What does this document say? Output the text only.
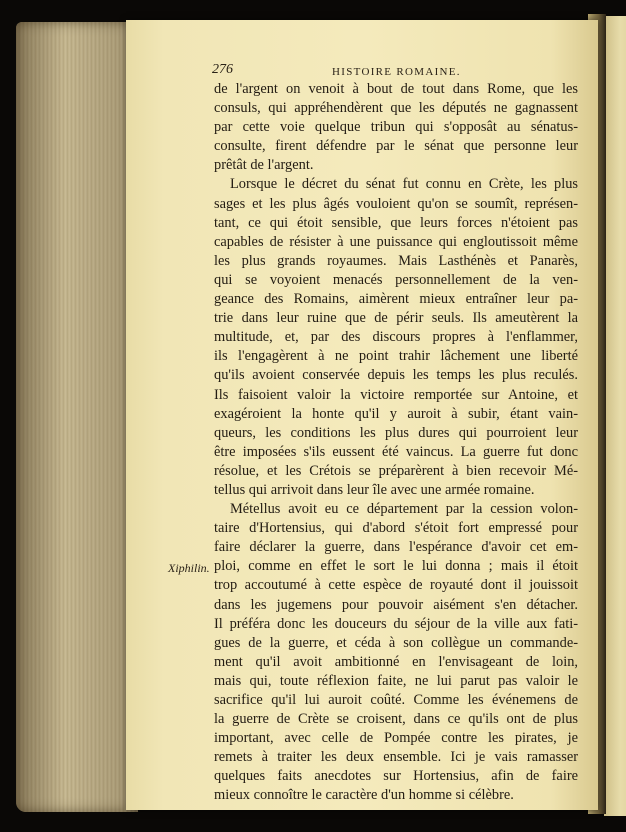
276	HISTOIRE ROMAINE.
Xiphilin.
de l'argent on venoit à bout de tout dans Rome, que les
consuls, qui appréhendèrent que les députés ne gagnassent
par cette voie quelque tribun qui s'opposât au sénatus-
consulte, firent défendre par le sénat que personne leur
prêtât de l'argent.
Lorsque le décret du sénat fut connu en Crète, les plus
sages et les plus âgés vouloient qu'on se soumît, représen-
tant, ce qui étoit sensible, que leurs forces n'étoient pas
capables de résister à une puissance qui engloutissoit même
les plus grands royaumes. Mais Lasthénès et Panarès,
qui se voyoient menacés personnellement de la ven-
geance des Romains, aimèrent mieux entraîner leur pa-
trie dans leur ruine que de périr seuls. Ils ameutèrent la
multitude, et, par des discours propres à l'enflammer,
ils l'engagèrent à ne point trahir lâchement une liberté
qu'ils avoient conservée depuis les temps les plus reculés.
Ils faisoient valoir la victoire remportée sur Antoine, et
exagéroient la honte qu'il y auroit à subir, étant vain-
queurs, les conditions les plus dures qui pourroient leur
être imposées s'ils eussent été vaincus. La guerre fut donc
résolue, et les Crétois se préparèrent à bien recevoir Mé-
tellus qui arrivoit dans leur île avec une armée romaine.
Métellus avoit eu ce département par la cession volon-
taire d'Hortensius, qui d'abord s'étoit fort empressé pour
faire déclarer la guerre, dans l'espérance d'avoir cet em-
ploi, comme en effet le sort le lui donna ; mais il étoit
trop accoutumé à cette espèce de royauté dont il jouissoit
dans les jugemens pour pouvoir aisément s'en détacher.
Il préféra donc les douceurs du séjour de la ville aux fati-
gues de la guerre, et céda à son collègue un commande-
ment qu'il avoit ambitionné en l'envisageant de loin,
mais qui, toute réflexion faite, ne lui parut pas valoir le
sacrifice qu'il lui auroit coûté. Comme les événemens de
la guerre de Crète se croisent, dans ce qu'ils ont de plus
important, avec celle de Pompée contre les pirates, je
remets à traiter les deux ensemble. Ici je vais ramasser
quelques faits anecdotes sur Hortensius, afin de faire
mieux connoître le caractère d'un homme si célèbre.
